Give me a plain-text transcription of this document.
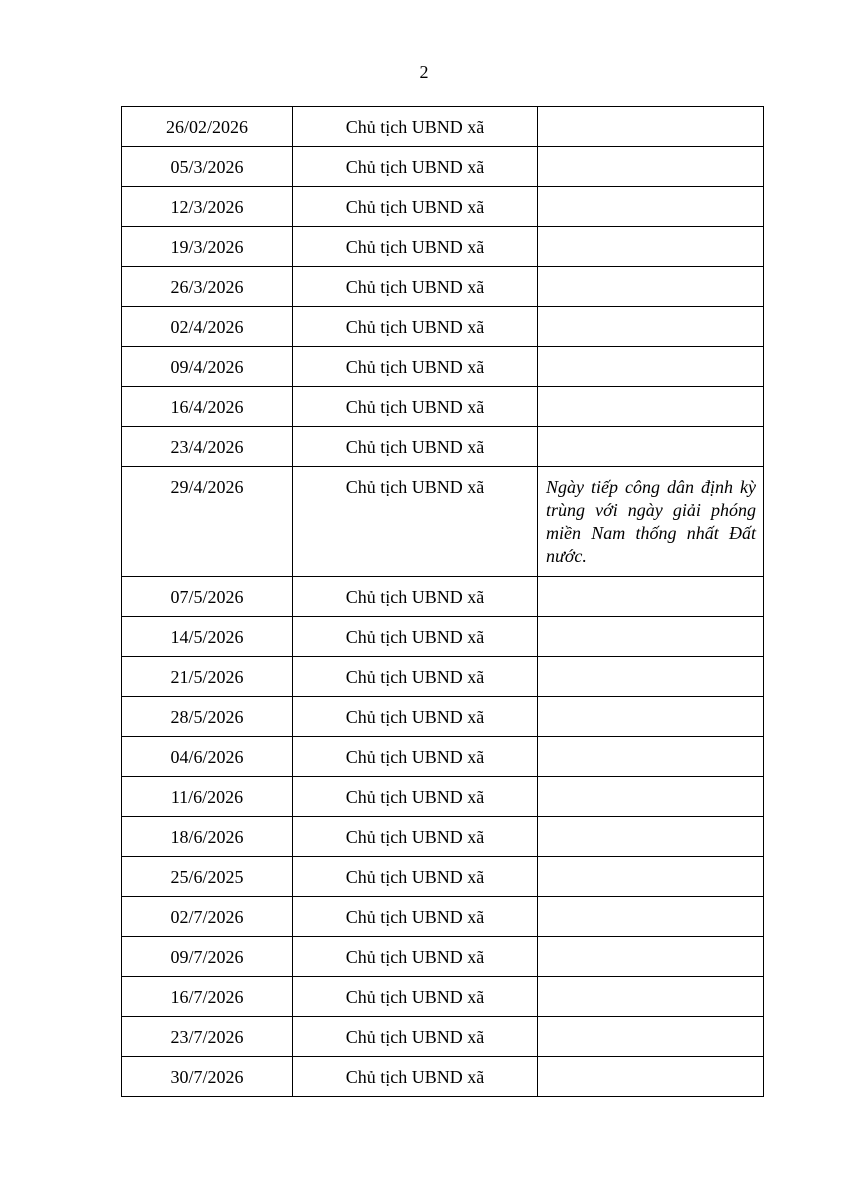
2
26/02/2026	Chủ tịch UBND xã	

05/3/2026	Chủ tịch UBND xã	

12/3/2026	Chủ tịch UBND xã	

19/3/2026	Chủ tịch UBND xã	

26/3/2026	Chủ tịch UBND xã	

02/4/2026	Chủ tịch UBND xã	

09/4/2026	Chủ tịch UBND xã	

16/4/2026	Chủ tịch UBND xã	

23/4/2026	Chủ tịch UBND xã	

29/4/2026	Chủ tịch UBND xã	Ngày tiếp công dân định kỳ trùng với ngày giải phóng miền Nam thống nhất Đất nước.

07/5/2026	Chủ tịch UBND xã	

14/5/2026	Chủ tịch UBND xã	

21/5/2026	Chủ tịch UBND xã	

28/5/2026	Chủ tịch UBND xã	

04/6/2026	Chủ tịch UBND xã	

11/6/2026	Chủ tịch UBND xã	

18/6/2026	Chủ tịch UBND xã	

25/6/2025	Chủ tịch UBND xã	

02/7/2026	Chủ tịch UBND xã	

09/7/2026	Chủ tịch UBND xã	

16/7/2026	Chủ tịch UBND xã	

23/7/2026	Chủ tịch UBND xã	

30/7/2026	Chủ tịch UBND xã	
